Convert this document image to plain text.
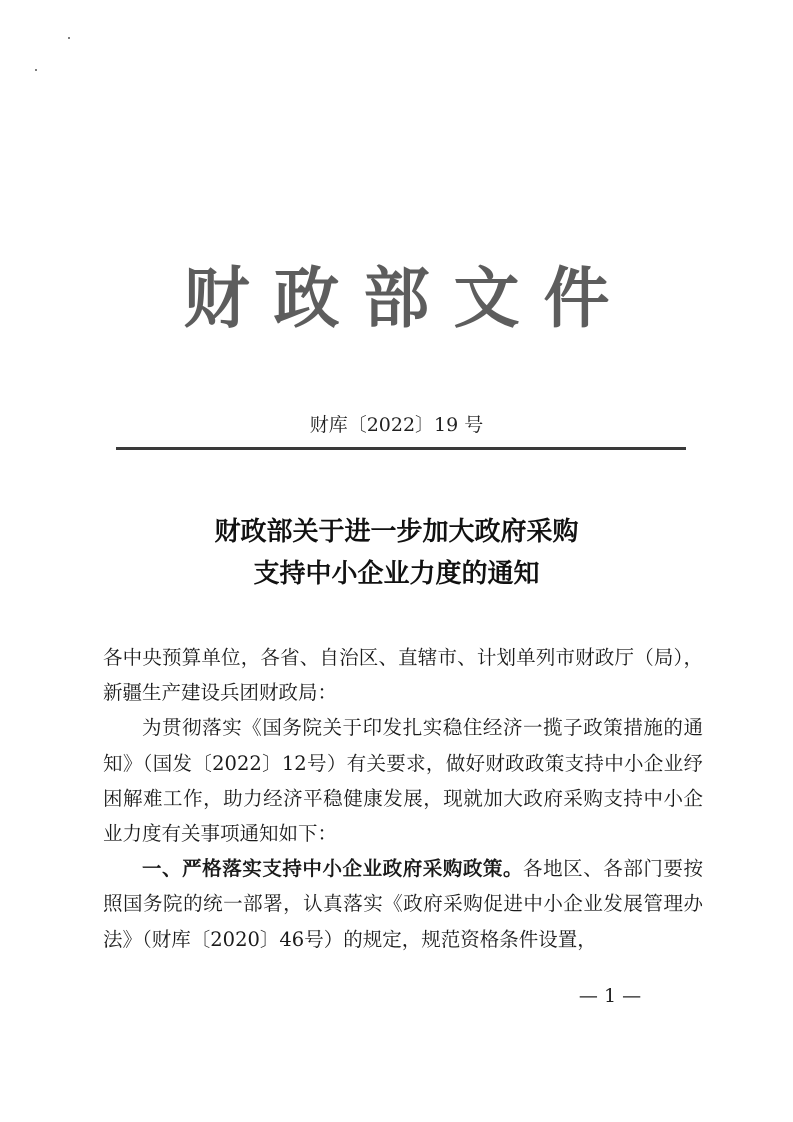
财政部文件
财库〔2022〕19 号
财政部关于进一步加大政府采购
支持中小企业力度的通知

各中央预算单位，各省、自治区、直辖市、计划单列市财政厅（局），新疆生产建设兵团财政局：

为贯彻落实《国务院关于印发扎实稳住经济一揽子政策措施的通知》（国发〔2022〕12号）有关要求，做好财政政策支持中小企业纾困解难工作，助力经济平稳健康发展，现就加大政府采购支持中小企业力度有关事项通知如下：

一、严格落实支持中小企业政府采购政策。各地区、各部门要按照国务院的统一部署，认真落实《政府采购促进中小企业发展管理办法》（财库〔2020〕46号）的规定，规范资格条件设置，

— 1 —
